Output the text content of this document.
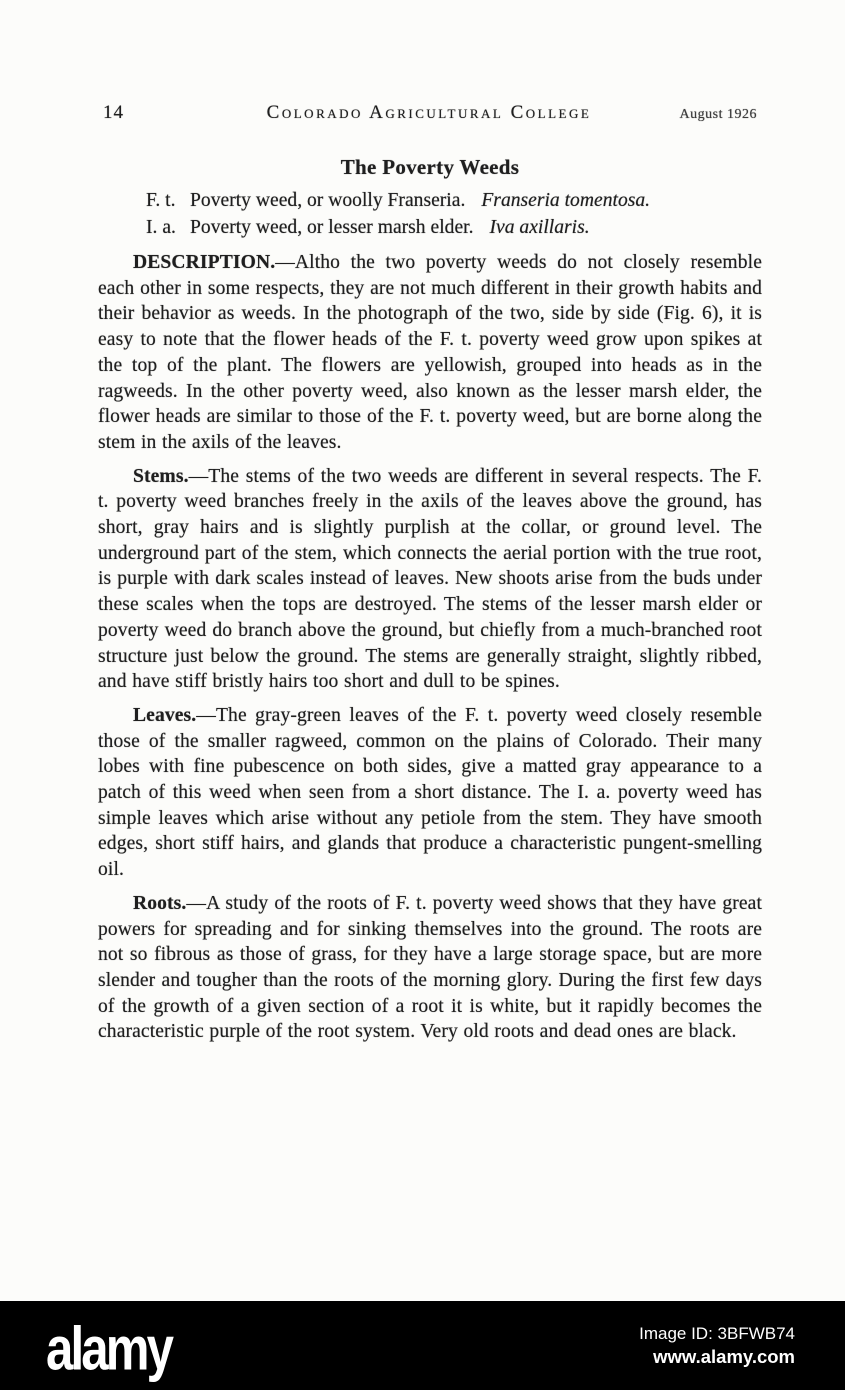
14	Colorado Agricultural College	August 1926
The Poverty Weeds
F. t. Poverty weed, or woolly Franseria. Franseria tomentosa.
I. a. Poverty weed, or lesser marsh elder. Iva axillaris.

DESCRIPTION.—Altho the two poverty weeds do not closely resemble each other in some respects, they are not much different in their growth habits and their behavior as weeds. In the photograph of the two, side by side (Fig. 6), it is easy to note that the flower heads of the F. t. poverty weed grow upon spikes at the top of the plant. The flowers are yellowish, grouped into heads as in the ragweeds. In the other poverty weed, also known as the lesser marsh elder, the flower heads are similar to those of the F. t. poverty weed, but are borne along the stem in the axils of the leaves.

Stems.—The stems of the two weeds are different in several respects. The F. t. poverty weed branches freely in the axils of the leaves above the ground, has short, gray hairs and is slightly purplish at the collar, or ground level. The underground part of the stem, which connects the aerial portion with the true root, is purple with dark scales instead of leaves. New shoots arise from the buds under these scales when the tops are destroyed. The stems of the lesser marsh elder or poverty weed do branch above the ground, but chiefly from a much-branched root structure just below the ground. The stems are generally straight, slightly ribbed, and have stiff bristly hairs too short and dull to be spines.

Leaves.—The gray-green leaves of the F. t. poverty weed closely resemble those of the smaller ragweed, common on the plains of Colorado. Their many lobes with fine pubescence on both sides, give a matted gray appearance to a patch of this weed when seen from a short distance. The I. a. poverty weed has simple leaves which arise without any petiole from the stem. They have smooth edges, short stiff hairs, and glands that produce a characteristic pungent-smelling oil.

Roots.—A study of the roots of F. t. poverty weed shows that they have great powers for spreading and for sinking themselves into the ground. The roots are not so fibrous as those of grass, for they have a large storage space, but are more slender and tougher than the roots of the morning glory. During the first few days of the growth of a given section of a root it is white, but it rapidly becomes the characteristic purple of the root system. Very old roots and dead ones are black.

alamy	Image ID: 3BFWB74
www.alamy.com
